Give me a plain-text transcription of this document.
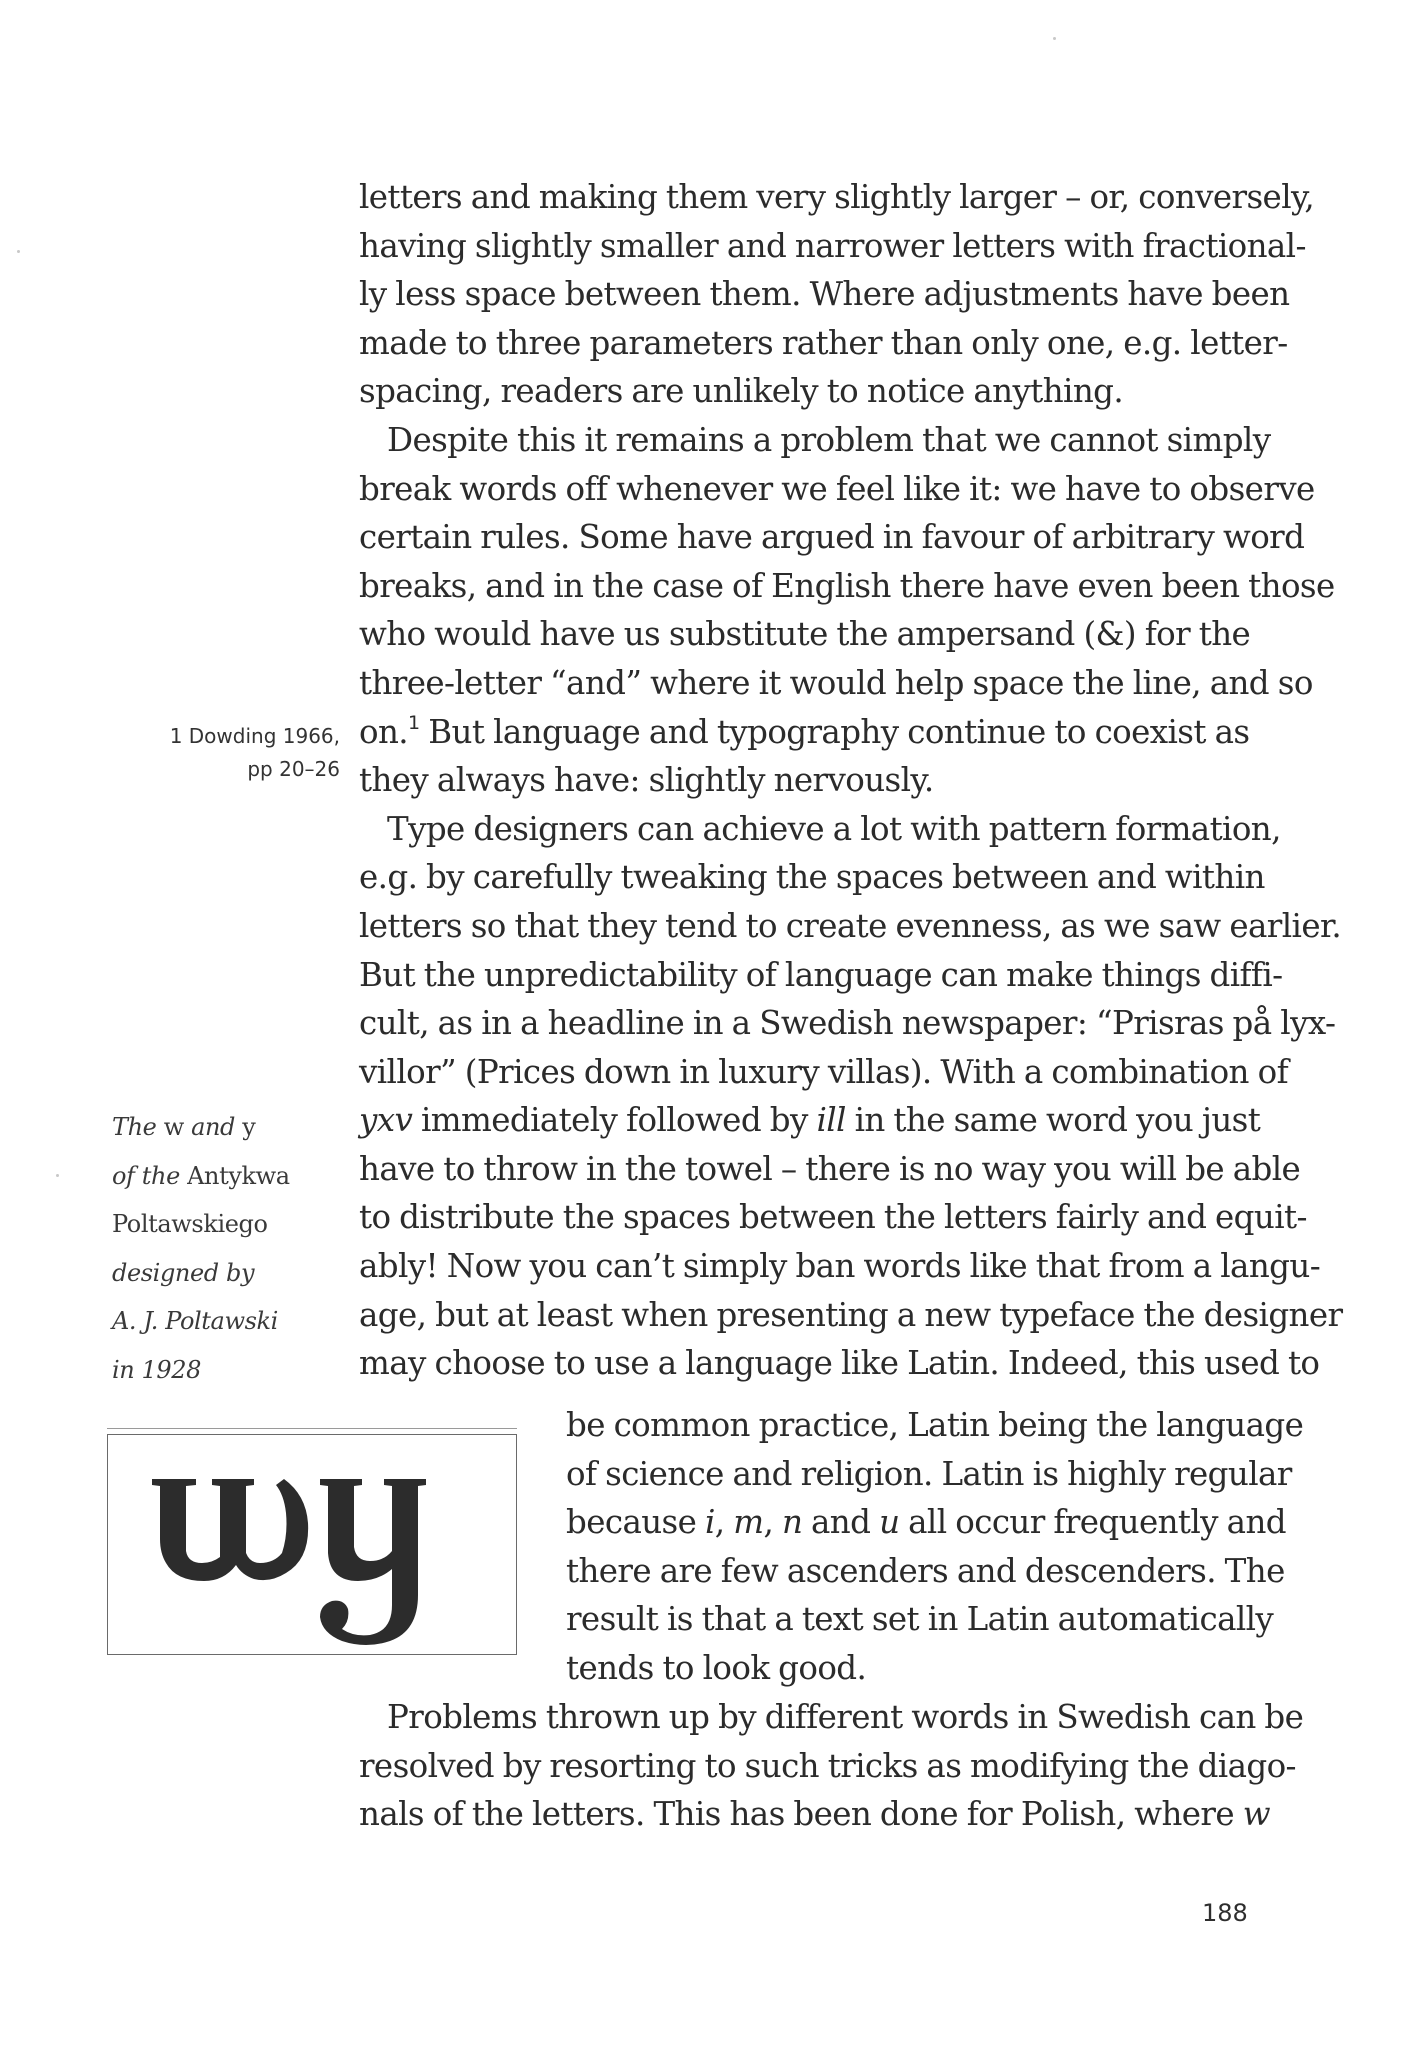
letters and making them very slightly larger – or, conversely,
having slightly smaller and narrower letters with fractional-
ly less space between them. Where adjustments have been
made to three parameters rather than only one, e.g. letter-
spacing, readers are unlikely to notice anything.
Despite this it remains a problem that we cannot simply
break words off whenever we feel like it: we have to observe
certain rules. Some have argued in favour of arbitrary word
breaks, and in the case of English there have even been those
who would have us substitute the ampersand (&) for the
three-letter “and” where it would help space the line, and so
on.$^1$ But language and typography continue to coexist as
they always have: slightly nervously.
Type designers can achieve a lot with pattern formation,
e.g. by carefully tweaking the spaces between and within
letters so that they tend to create evenness, as we saw earlier.
But the unpredictability of language can make things diffi-
cult, as in a headline in a Swedish newspaper: “Prisras på lyx-
villor” (Prices down in luxury villas). With a combination of
yxv immediately followed by ill in the same word you just
have to throw in the towel – there is no way you will be able
to distribute the spaces between the letters fairly and equit-
ably! Now you can’t simply ban words like that from a langu-
age, but at least when presenting a new typeface the designer
may choose to use a language like Latin. Indeed, this used to
be common practice, Latin being the language
of science and religion. Latin is highly regular
because i, m, n and u all occur frequently and
there are few ascenders and descenders. The
result is that a text set in Latin automatically
tends to look good.
Problems thrown up by different words in Swedish can be
resolved by resorting to such tricks as modifying the diago-
nals of the letters. This has been done for Polish, where w
1 Dowding 1966,
pp 20–26
The w and y
of the Antykwa
Poltawskiego
designed by
A. J. Poltawski
in 1928
188
